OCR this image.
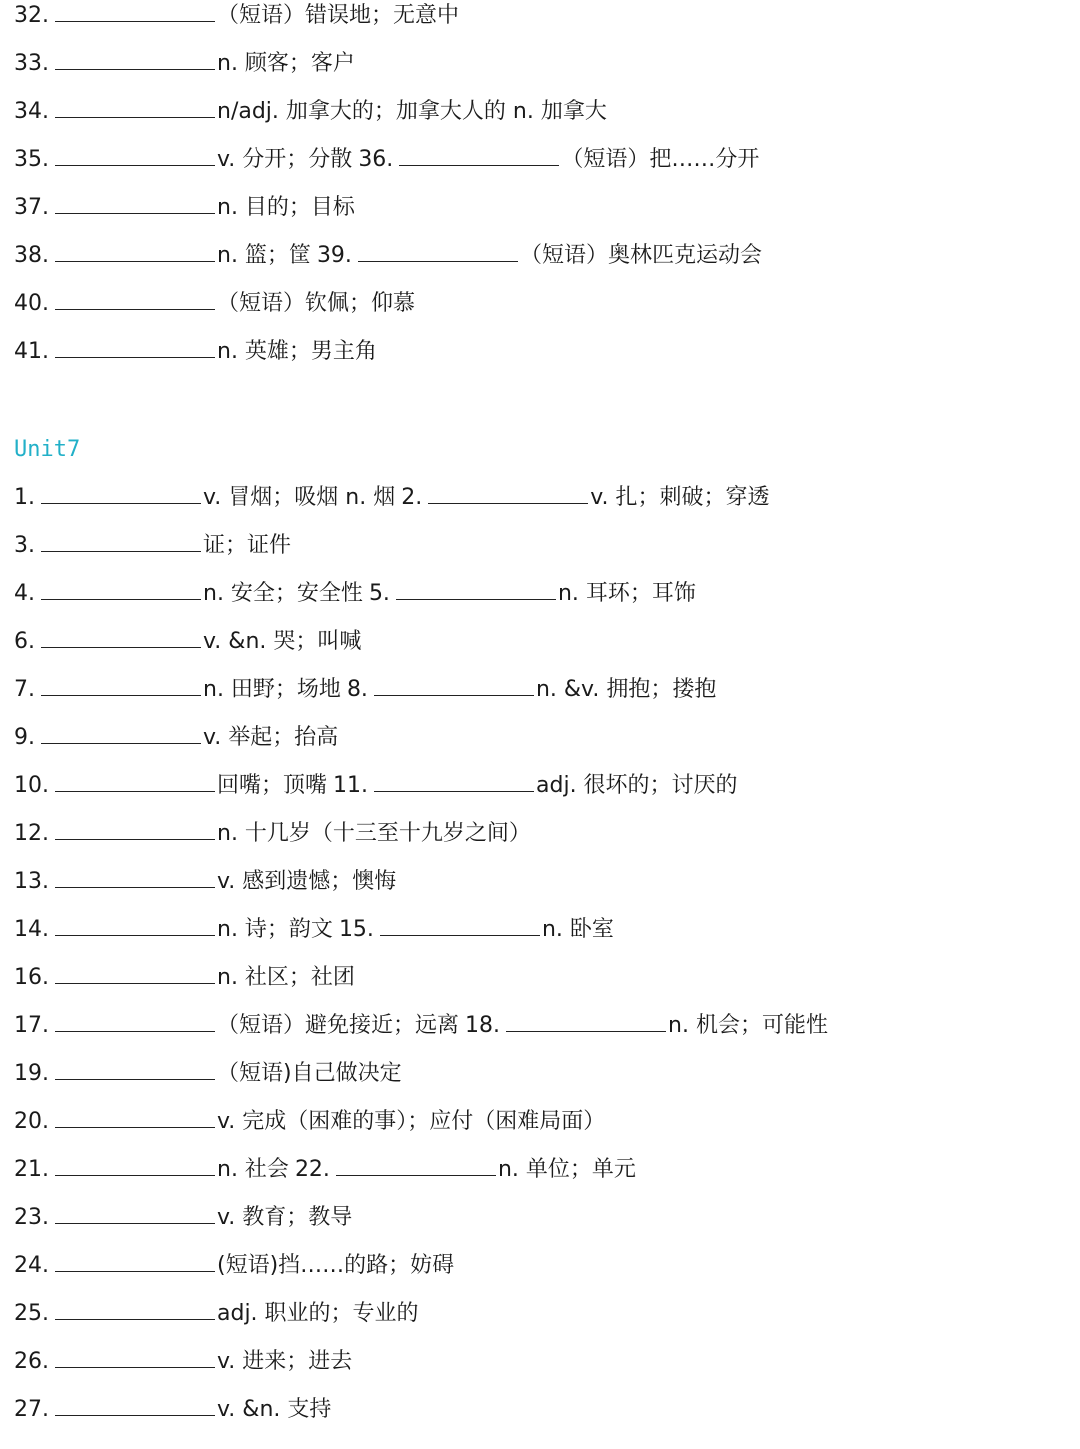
Unit7
32.	（短语）错误地；无意中
33.	n. 顾客；客户
34.	n/adj. 加拿大的；加拿大人的 n. 加拿大
35.	v. 分开；分散 36.	（短语）把……分开
37.	n. 目的；目标
38.	n. 篮；筐 39.	（短语）奥林匹克运动会
40.	（短语）钦佩；仰慕
41.	n. 英雄；男主角
1.	v. 冒烟；吸烟 n. 烟 2.	v. 扎；刺破；穿透
3.	证；证件
4.	n. 安全；安全性 5.	n. 耳环；耳饰
6.	v. &n. 哭；叫喊
7.	n. 田野；场地 8.	n. &v. 拥抱；搂抱
9.	v. 举起；抬高
10.	回嘴；顶嘴 11.	adj. 很坏的；讨厌的
12.	n. 十几岁（十三至十九岁之间）
13.	v. 感到遗憾；懊悔
14.	n. 诗；韵文 15.	n. 卧室
16.	n. 社区；社团
17.	（短语）避免接近；远离 18.	n. 机会；可能性
19.	（短语)自己做决定
20.	v. 完成（困难的事）；应付（困难局面）
21.	n. 社会 22.	n. 单位；单元
23.	v. 教育；教导
24.	(短语)挡……的路；妨碍
25.	adj. 职业的；专业的
26.	v. 进来；进去
27.	v. &n. 支持
